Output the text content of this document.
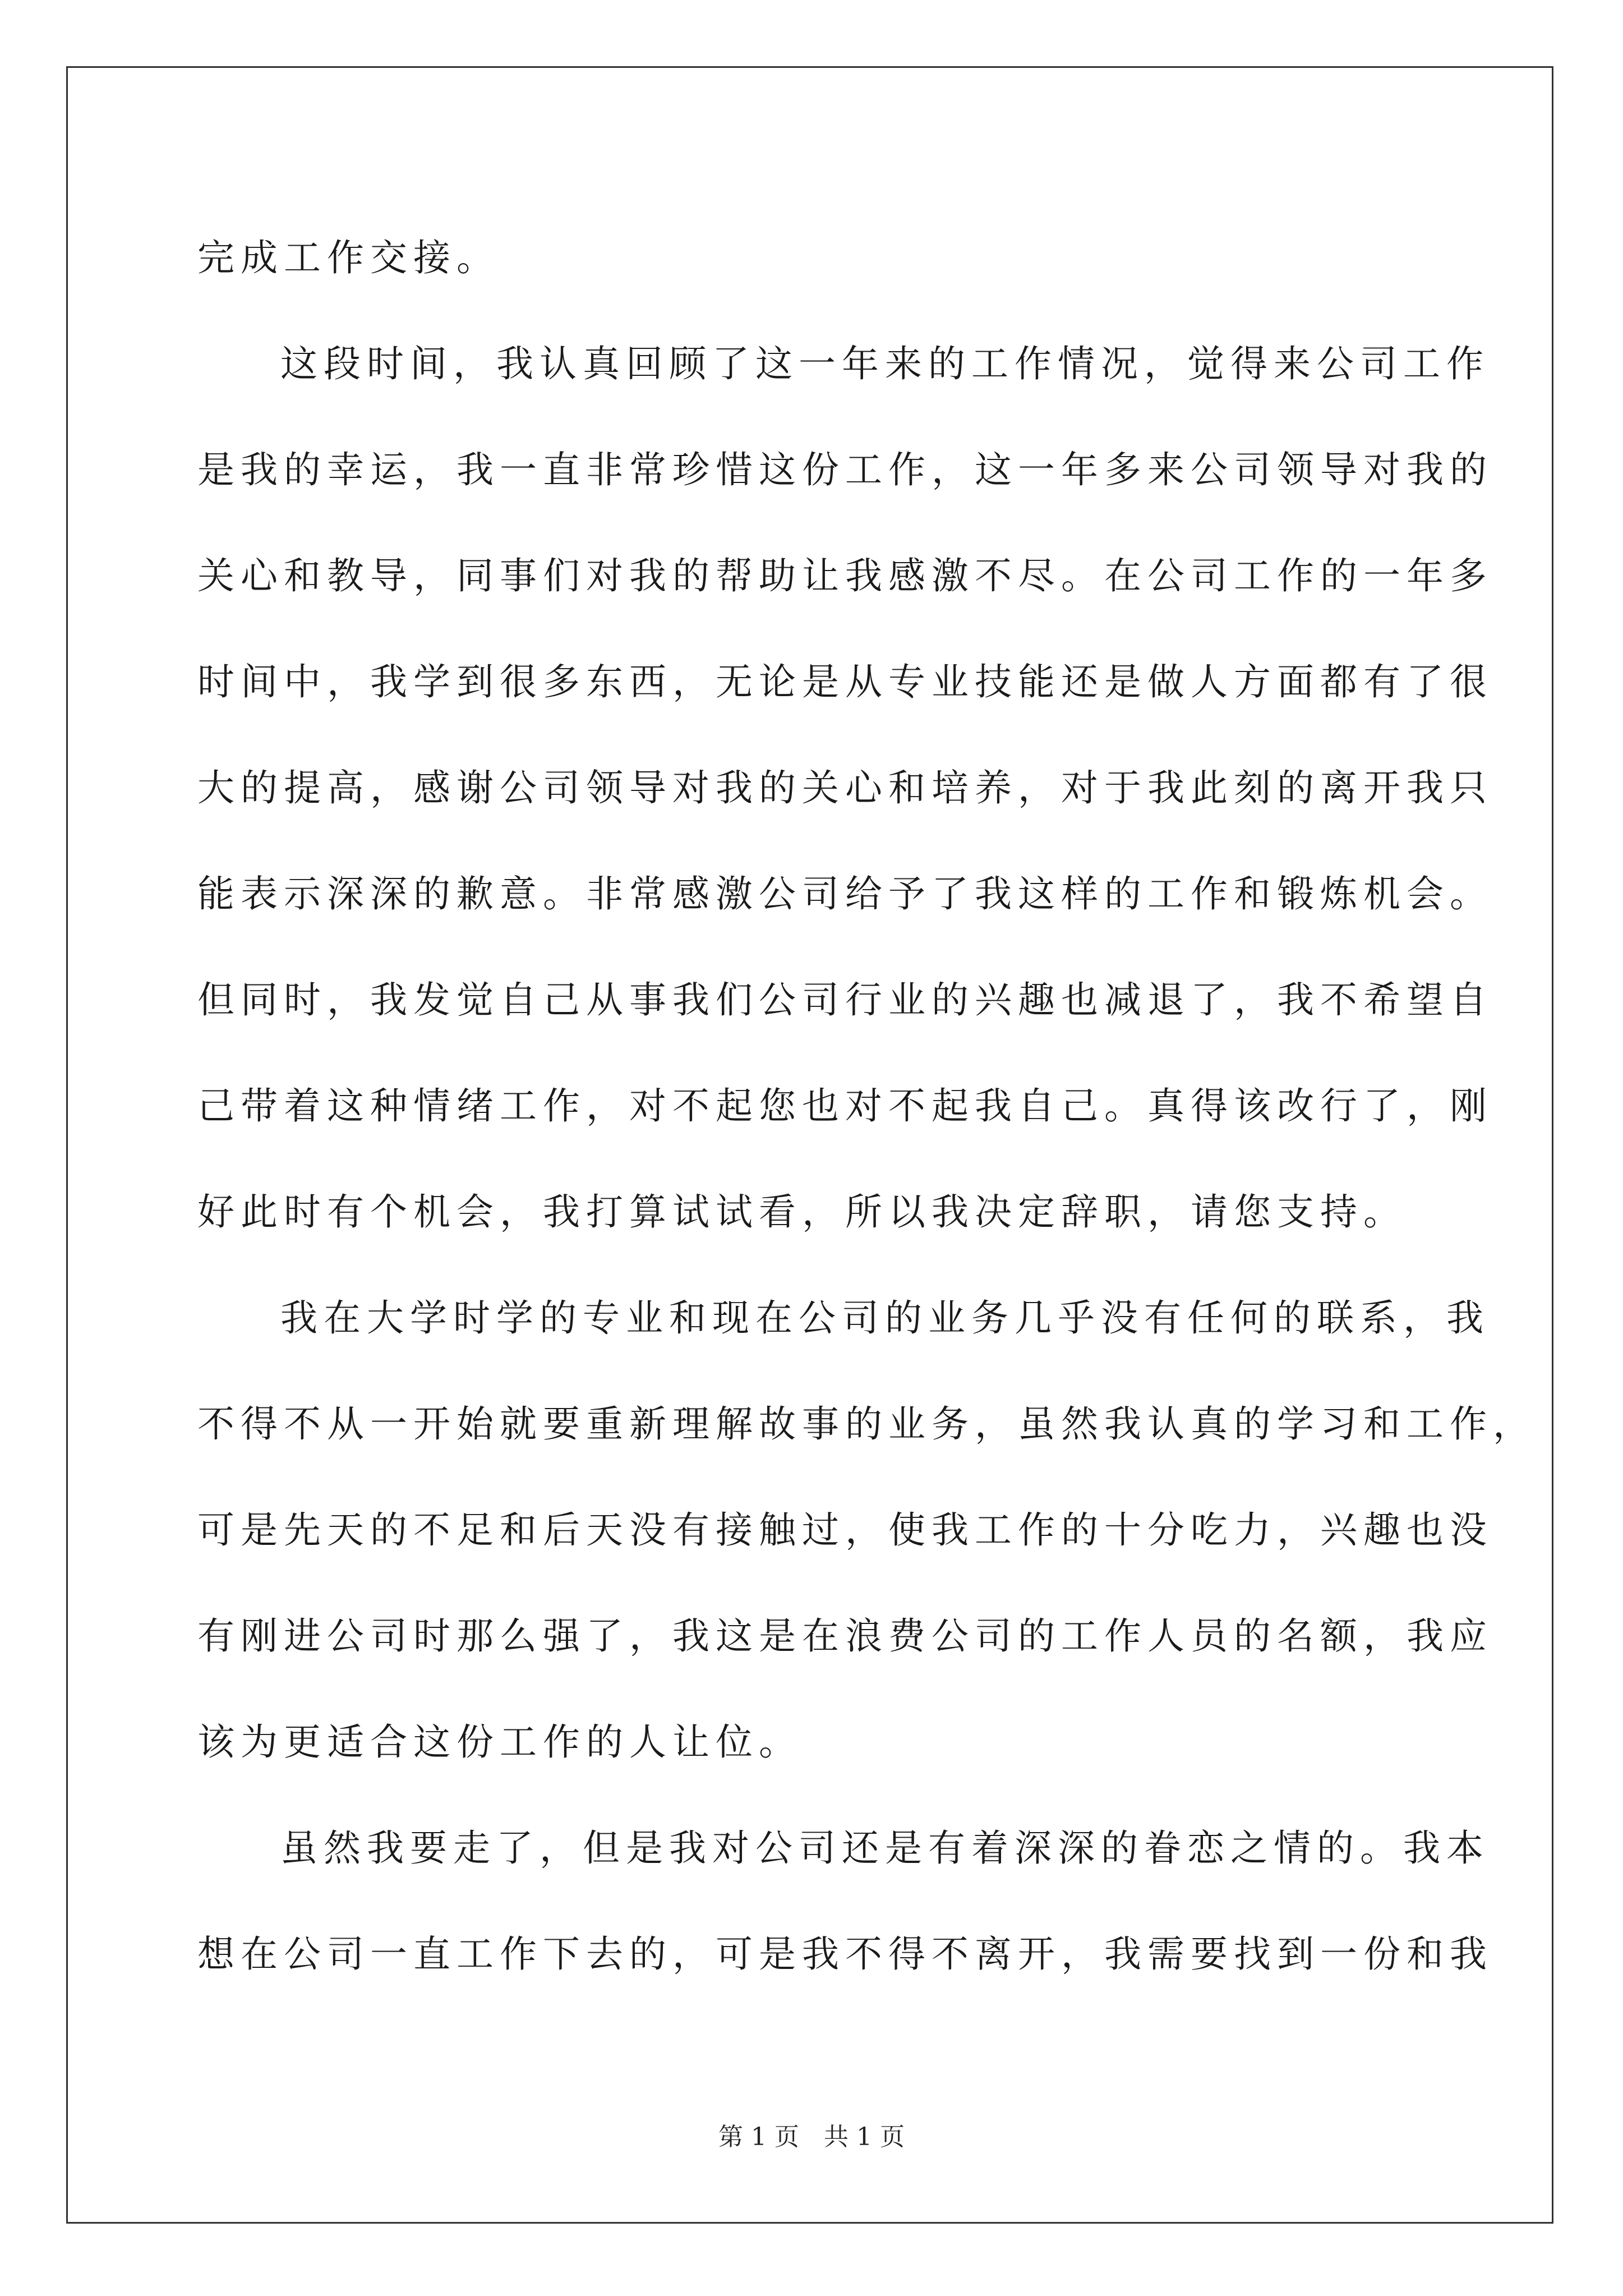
完成工作交接。
这段时间，我认真回顾了这一年来的工作情况，觉得来公司工作
是我的幸运，我一直非常珍惜这份工作，这一年多来公司领导对我的
关心和教导，同事们对我的帮助让我感激不尽。在公司工作的一年多
时间中，我学到很多东西，无论是从专业技能还是做人方面都有了很
大的提高，感谢公司领导对我的关心和培养，对于我此刻的离开我只
能表示深深的歉意。非常感激公司给予了我这样的工作和锻炼机会。
但同时，我发觉自己从事我们公司行业的兴趣也减退了，我不希望自
己带着这种情绪工作，对不起您也对不起我自己。真得该改行了，刚
好此时有个机会，我打算试试看，所以我决定辞职，请您支持。
我在大学时学的专业和现在公司的业务几乎没有任何的联系，我
不得不从一开始就要重新理解故事的业务，虽然我认真的学习和工作，
可是先天的不足和后天没有接触过，使我工作的十分吃力，兴趣也没
有刚进公司时那么强了，我这是在浪费公司的工作人员的名额，我应
该为更适合这份工作的人让位。
虽然我要走了，但是我对公司还是有着深深的眷恋之情的。我本
想在公司一直工作下去的，可是我不得不离开，我需要找到一份和我
第 1 页　共 1 页
